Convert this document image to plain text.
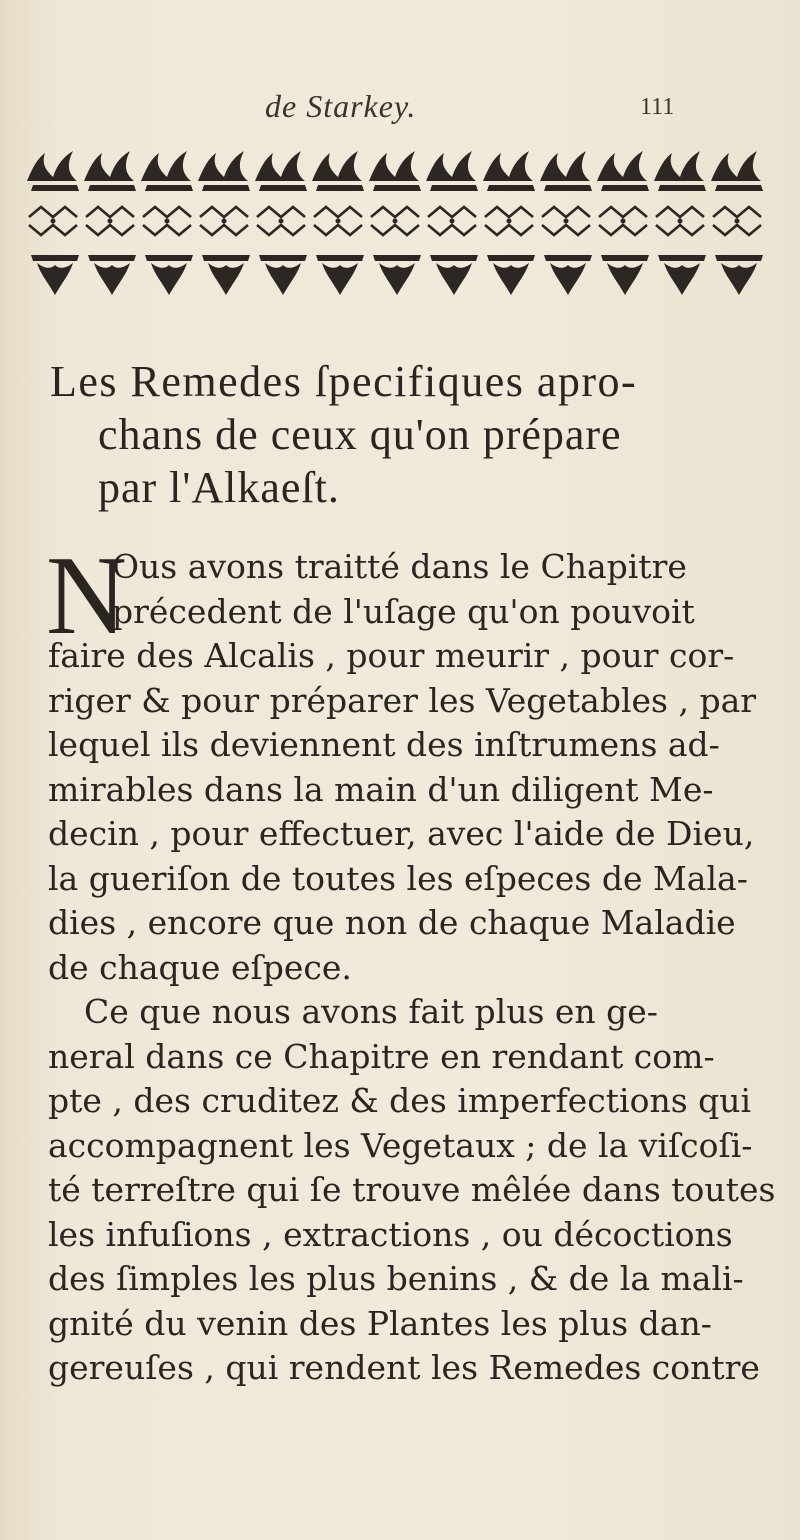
de Starkey.	111
Les Remedes ſpecifiques apro-
chans de ceux qu'on prépare
par l'Alkaeſt.
N
Ous avons traitté dans le Chapitre
précedent de l'uſage qu'on pouvoit
faire des Alcalis , pour meurir , pour cor-
riger & pour préparer les Vegetables , par
lequel ils deviennent des inſtrumens ad-
mirables dans la main d'un diligent Me-
decin , pour effectuer, avec l'aide de Dieu,
la gueriſon de toutes les eſpeces de Mala-
dies , encore que non de chaque Maladie
de chaque eſpece.
Ce que nous avons fait plus en ge-
neral dans ce Chapitre en rendant com-
pte , des cruditez & des imperfections qui
accompagnent les Vegetaux ; de la viſcoſi-
té terreſtre qui ſe trouve mêlée dans toutes
les infuſions , extractions , ou décoctions
des ſimples les plus benins , & de la mali-
gnité du venin des Plantes les plus dan-
gereuſes , qui rendent les Remedes contre
